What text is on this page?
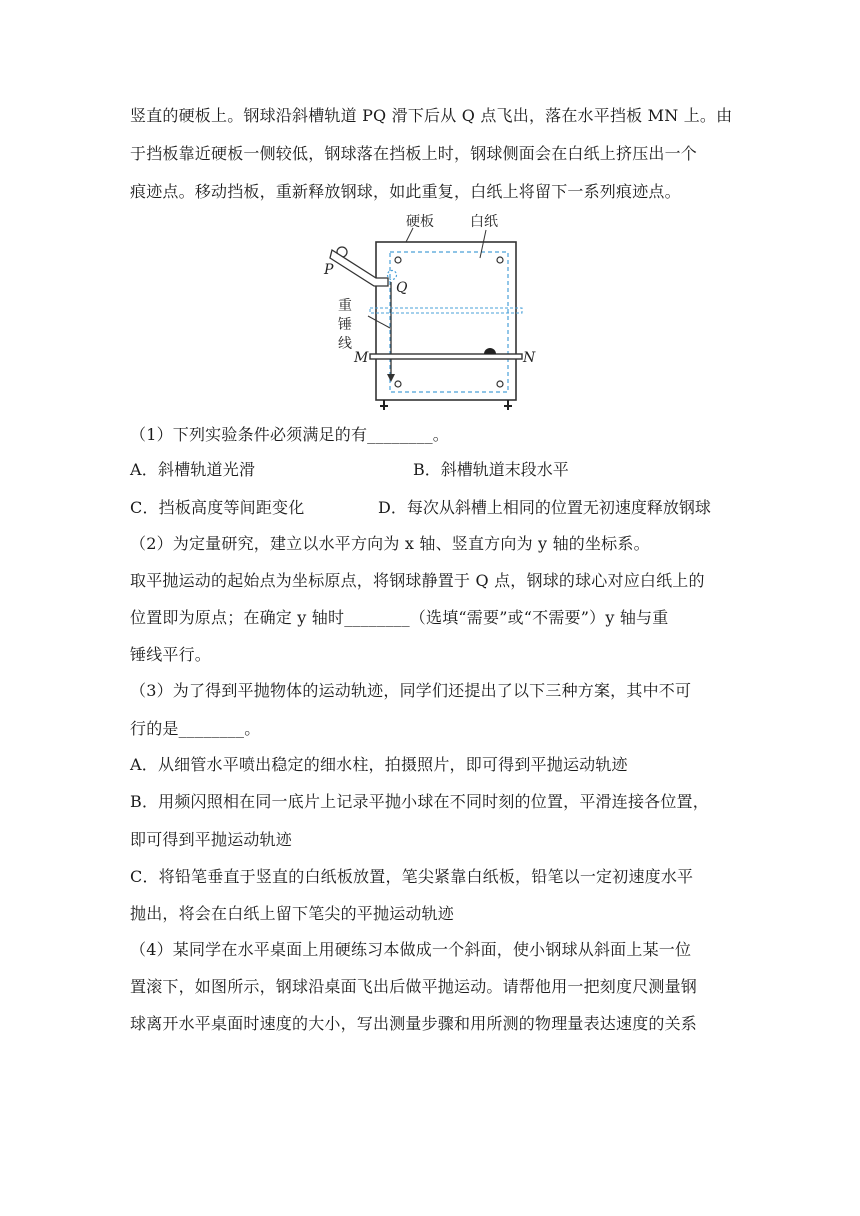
竖直的硬板上。钢球沿斜槽轨道 PQ 滑下后从 Q 点飞出，落在水平挡板 MN 上。由
于挡板靠近硬板一侧较低，钢球落在挡板上时，钢球侧面会在白纸上挤压出一个
痕迹点。移动挡板，重新释放钢球，如此重复，白纸上将留下一系列痕迹点。
硬板	白纸
P
Q
重
锤
线
M	N
（1）下列实验条件必须满足的有________。
A．斜槽轨道光滑	B．斜槽轨道末段水平
C．挡板高度等间距变化	D．每次从斜槽上相同的位置无初速度释放钢球
（2）为定量研究，建立以水平方向为 x 轴、竖直方向为 y 轴的坐标系。
取平抛运动的起始点为坐标原点，将钢球静置于 Q 点，钢球的球心对应白纸上的
位置即为原点；在确定 y 轴时________（选填“需要”或“不需要”）y 轴与重
锤线平行。
（3）为了得到平抛物体的运动轨迹，同学们还提出了以下三种方案，其中不可
行的是________。
A．从细管水平喷出稳定的细水柱，拍摄照片，即可得到平抛运动轨迹
B．用频闪照相在同一底片上记录平抛小球在不同时刻的位置，平滑连接各位置，
即可得到平抛运动轨迹
C．将铅笔垂直于竖直的白纸板放置，笔尖紧靠白纸板，铅笔以一定初速度水平
抛出，将会在白纸上留下笔尖的平抛运动轨迹
（4）某同学在水平桌面上用硬练习本做成一个斜面，使小钢球从斜面上某一位
置滚下，如图所示，钢球沿桌面飞出后做平抛运动。请帮他用一把刻度尺测量钢
球离开水平桌面时速度的大小，写出测量步骤和用所测的物理量表达速度的关系
